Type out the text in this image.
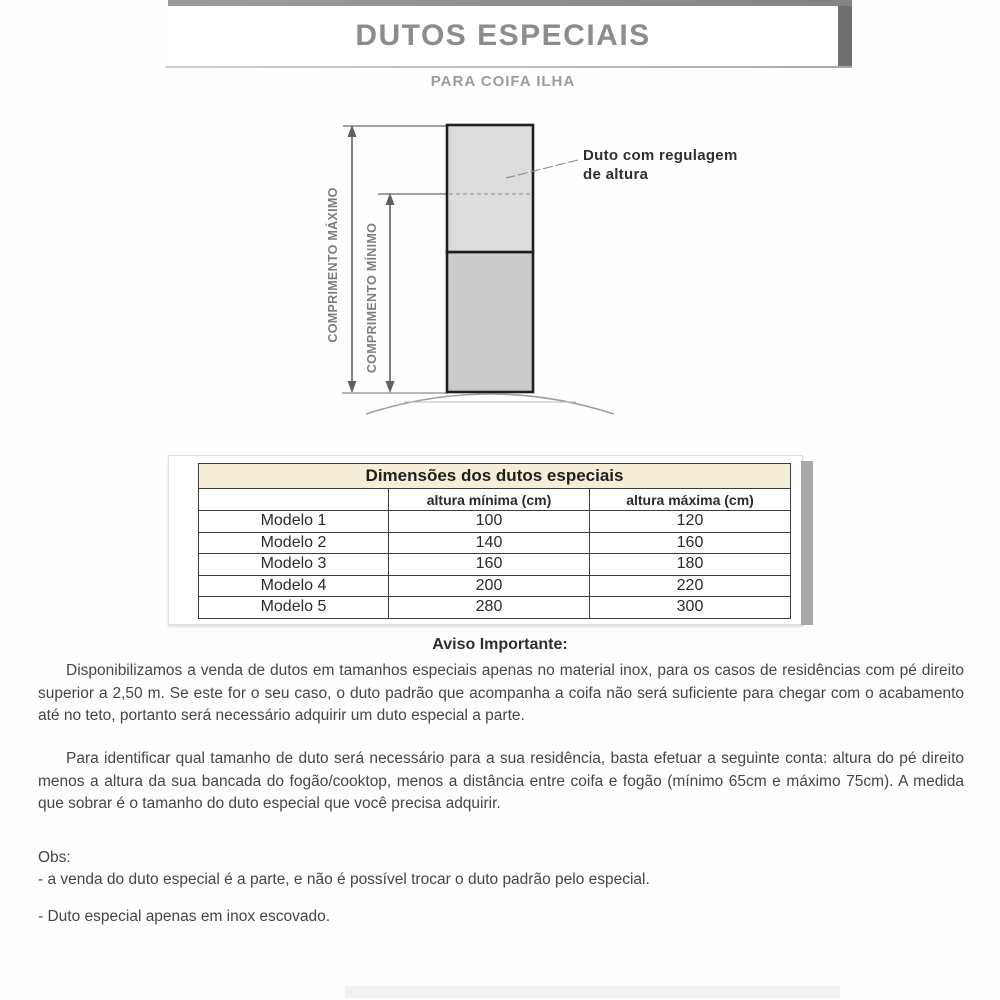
DUTOS ESPECIAIS
PARA COIFA ILHA
COMPRIMENTO MÁXIMO COMPRIMENTO MÍNIMO
Duto com regulagem
de altura
Dimensões dos dutos especiais		
	altura mínima (cm)	altura máxima (cm)
Modelo 1	100	120
Modelo 2	140	160
Modelo 3	160	180
Modelo 4	200	220
Modelo 5	280	300
Aviso Importante:

Disponibilizamos a venda de dutos em tamanhos especiais apenas no material inox, para os casos de residências com pé direito superior a 2,50 m. Se este for o seu caso, o duto padrão que acompanha a coifa não será suficiente para chegar com o acabamento até no teto, portanto será necessário adquirir um duto especial a parte.

Para identificar qual tamanho de duto será necessário para a sua residência, basta efetuar a seguinte conta: altura do pé direito menos a altura da sua bancada do fogão/cooktop, menos a distância entre coifa e fogão (mínimo 65cm e máximo 75cm). A medida que sobrar é o tamanho do duto especial que você precisa adquirir.

Obs:
- a venda do duto especial é a parte, e não é possível trocar o duto padrão pelo especial.
- Duto especial apenas em inox escovado.
